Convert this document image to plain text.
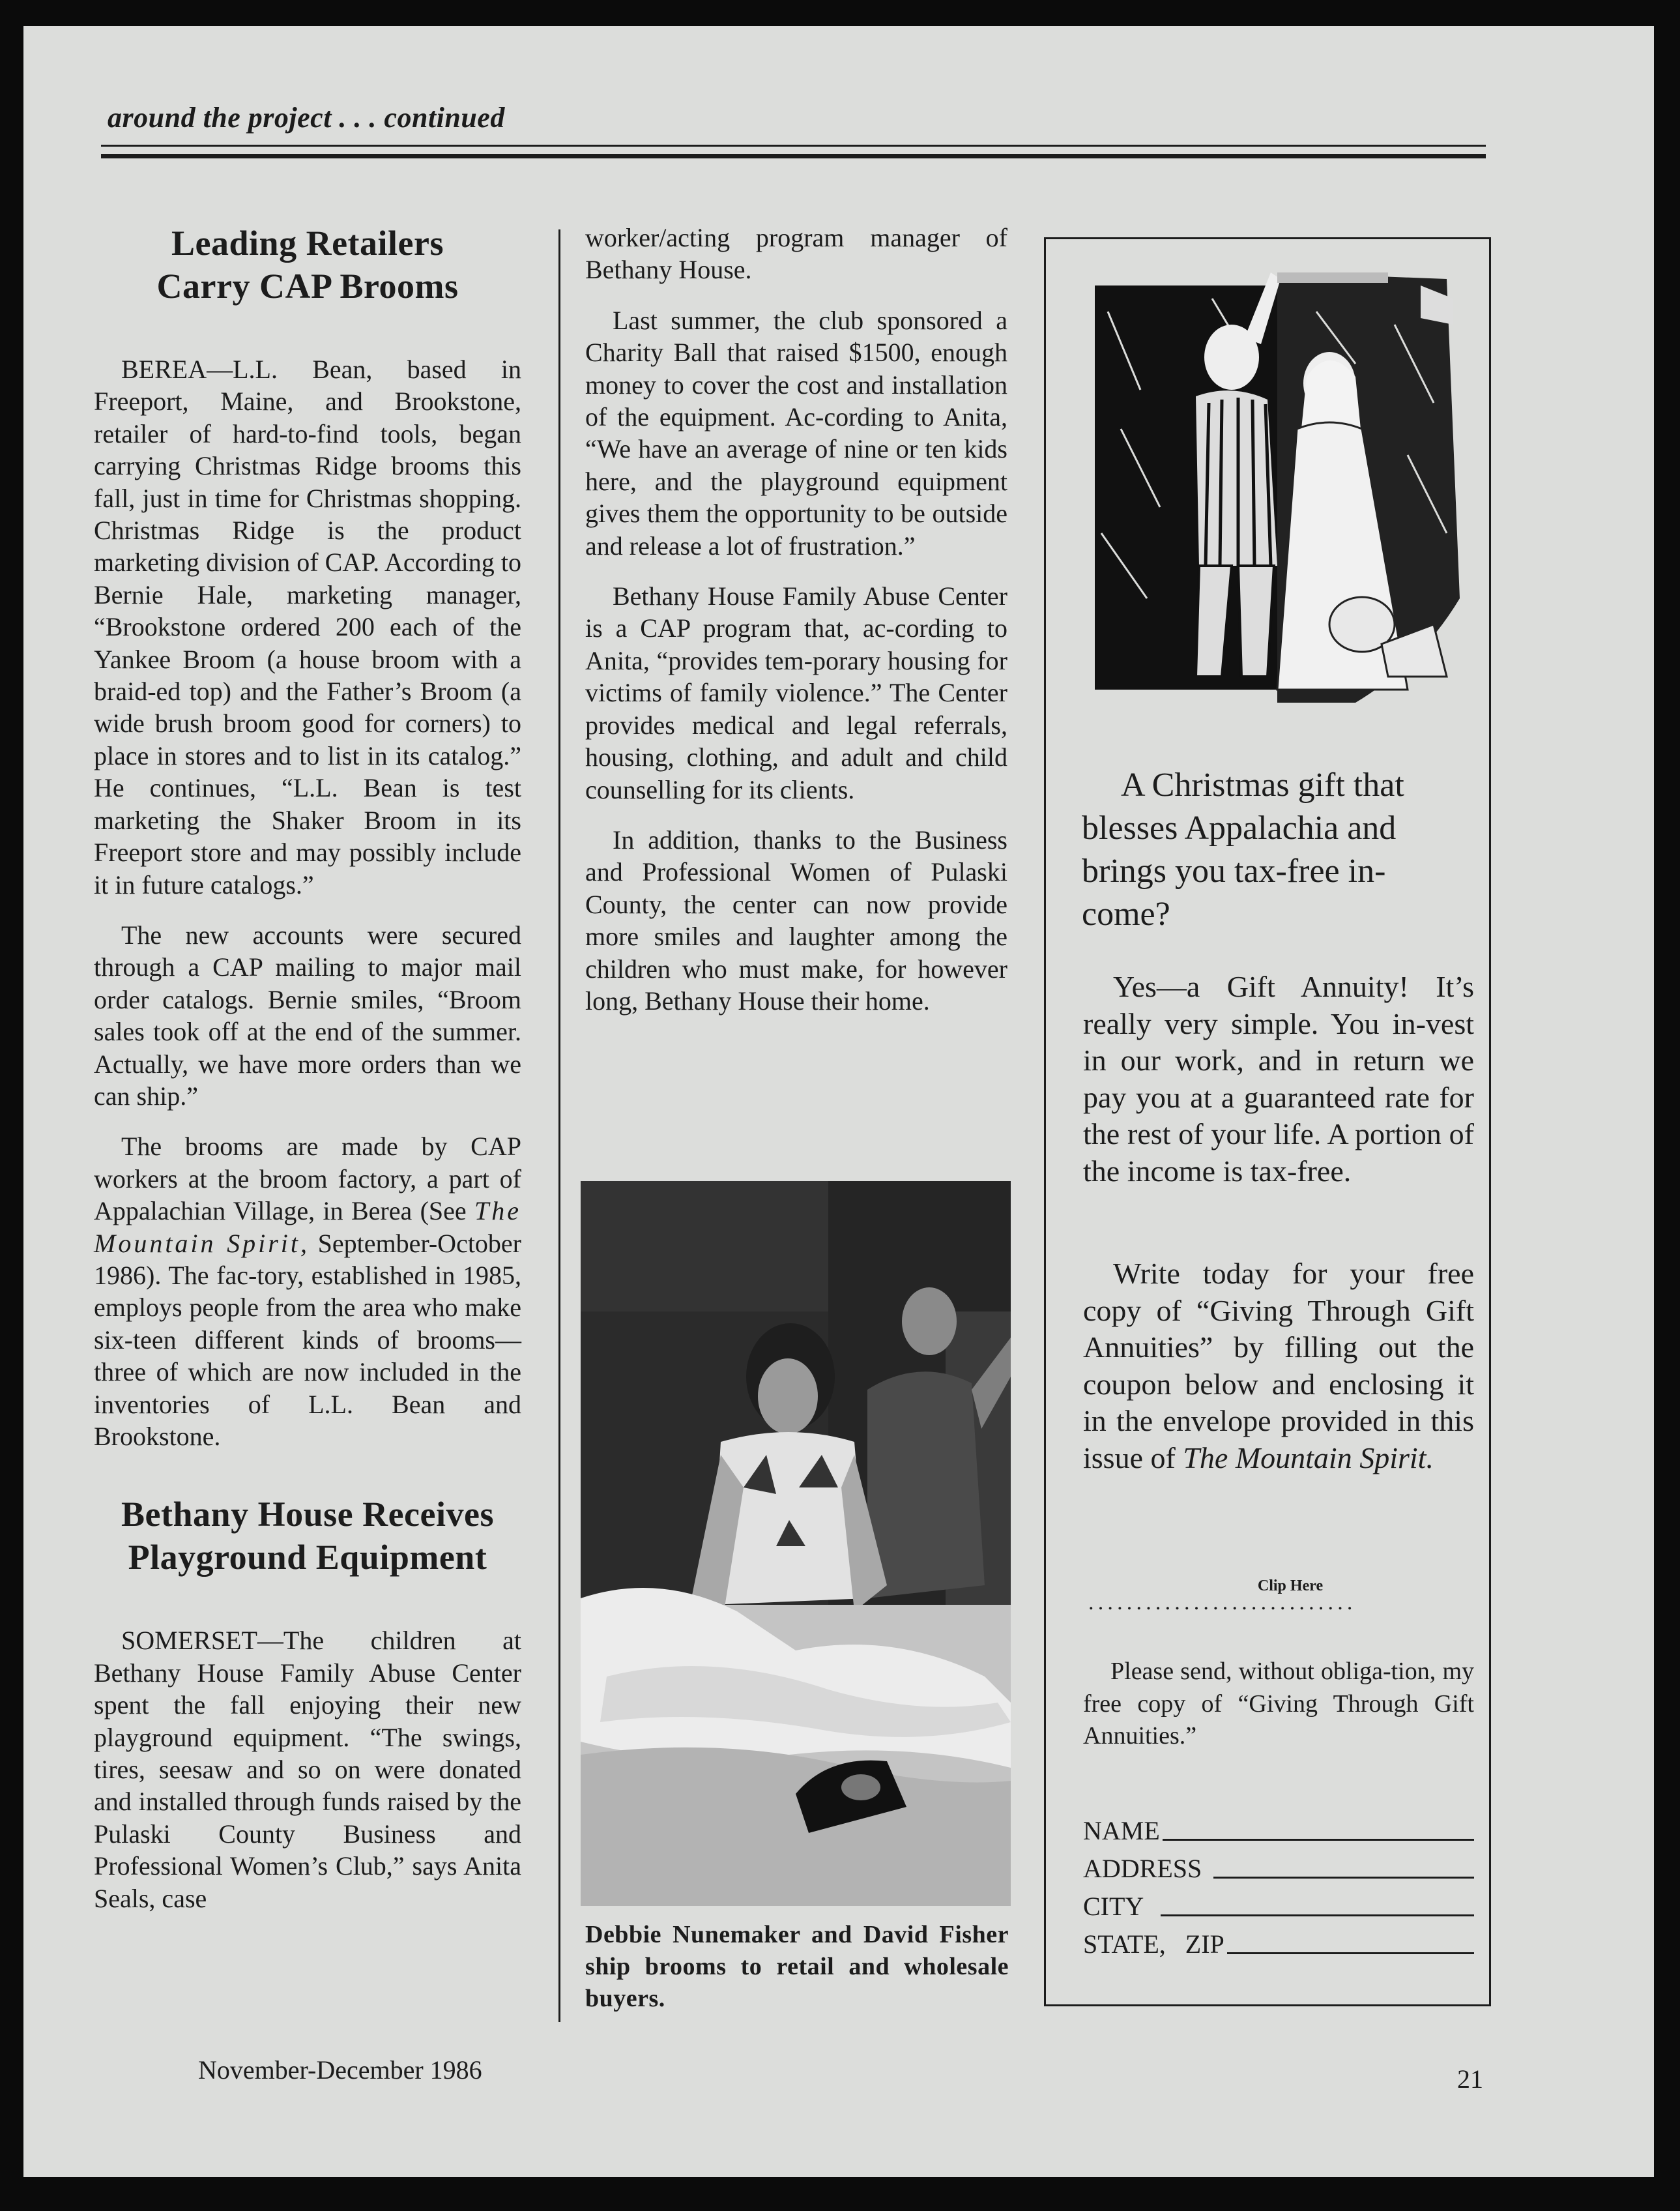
around the project . . . continued
Leading Retailers
Carry CAP Brooms

BEREA—L.L. Bean, based in Freeport, Maine, and Brookstone, retailer of hard-to-find tools, began carrying Christmas Ridge brooms this fall, just in time for Christmas shopping. Christmas Ridge is the product marketing division of CAP. According to Bernie Hale, marketing manager, “Brookstone ordered 200 each of the Yankee Broom (a house broom with a braid-ed top) and the Father’s Broom (a wide brush broom good for corners) to place in stores and to list in its catalog.” He continues, “L.L. Bean is test marketing the Shaker Broom in its Freeport store and may possibly include it in future catalogs.”

The new accounts were secured through a CAP mailing to major mail order catalogs. Bernie smiles, “Broom sales took off at the end of the summer. Actually, we have more orders than we can ship.”

The brooms are made by CAP workers at the broom factory, a part of Appalachian Village, in Berea (See The Mountain Spirit, September-October 1986). The fac-tory, established in 1985, employs people from the area who make six-teen different kinds of brooms—three of which are now included in the inventories of L.L. Bean and Brookstone.

Bethany House Receives
Playground Equipment

SOMERSET—The children at Bethany House Family Abuse Center spent the fall enjoying their new playground equipment. “The swings, tires, seesaw and so on were donated and installed through funds raised by the Pulaski County Business and Professional Women’s Club,” says Anita Seals, case

worker/acting program manager of Bethany House.

Last summer, the club sponsored a Charity Ball that raised $1500, enough money to cover the cost and installation of the equipment. Ac-cording to Anita, “We have an average of nine or ten kids here, and the playground equipment gives them the opportunity to be outside and release a lot of frustration.”

Bethany House Family Abuse Center is a CAP program that, ac-cording to Anita, “provides tem-porary housing for victims of family violence.” The Center provides medical and legal referrals, housing, clothing, and adult and child counselling for its clients.

In addition, thanks to the Business and Professional Women of Pulaski County, the center can now provide more smiles and laughter among the children who must make, for however long, Bethany House their home.

Debbie Nunemaker and David Fisher ship brooms to retail and wholesale buyers.
A Christmas gift that blesses Appalachia and brings you tax-free in-come?
Yes—a Gift Annuity! It’s really very simple. You in-vest in our work, and in return we pay you at a guaranteed rate for the rest of your life. A portion of the income is tax-free.
Write today for your free copy of “Giving Through Gift Annuities” by filling out the coupon below and enclosing it in the envelope provided in this issue of The Mountain Spirit.
Clip Here
............................
Please send, without obliga-tion, my free copy of “Giving Through Gift Annuities.”
NAME
ADDRESS
CITY
STATE,   ZIP
November-December 1986	21
